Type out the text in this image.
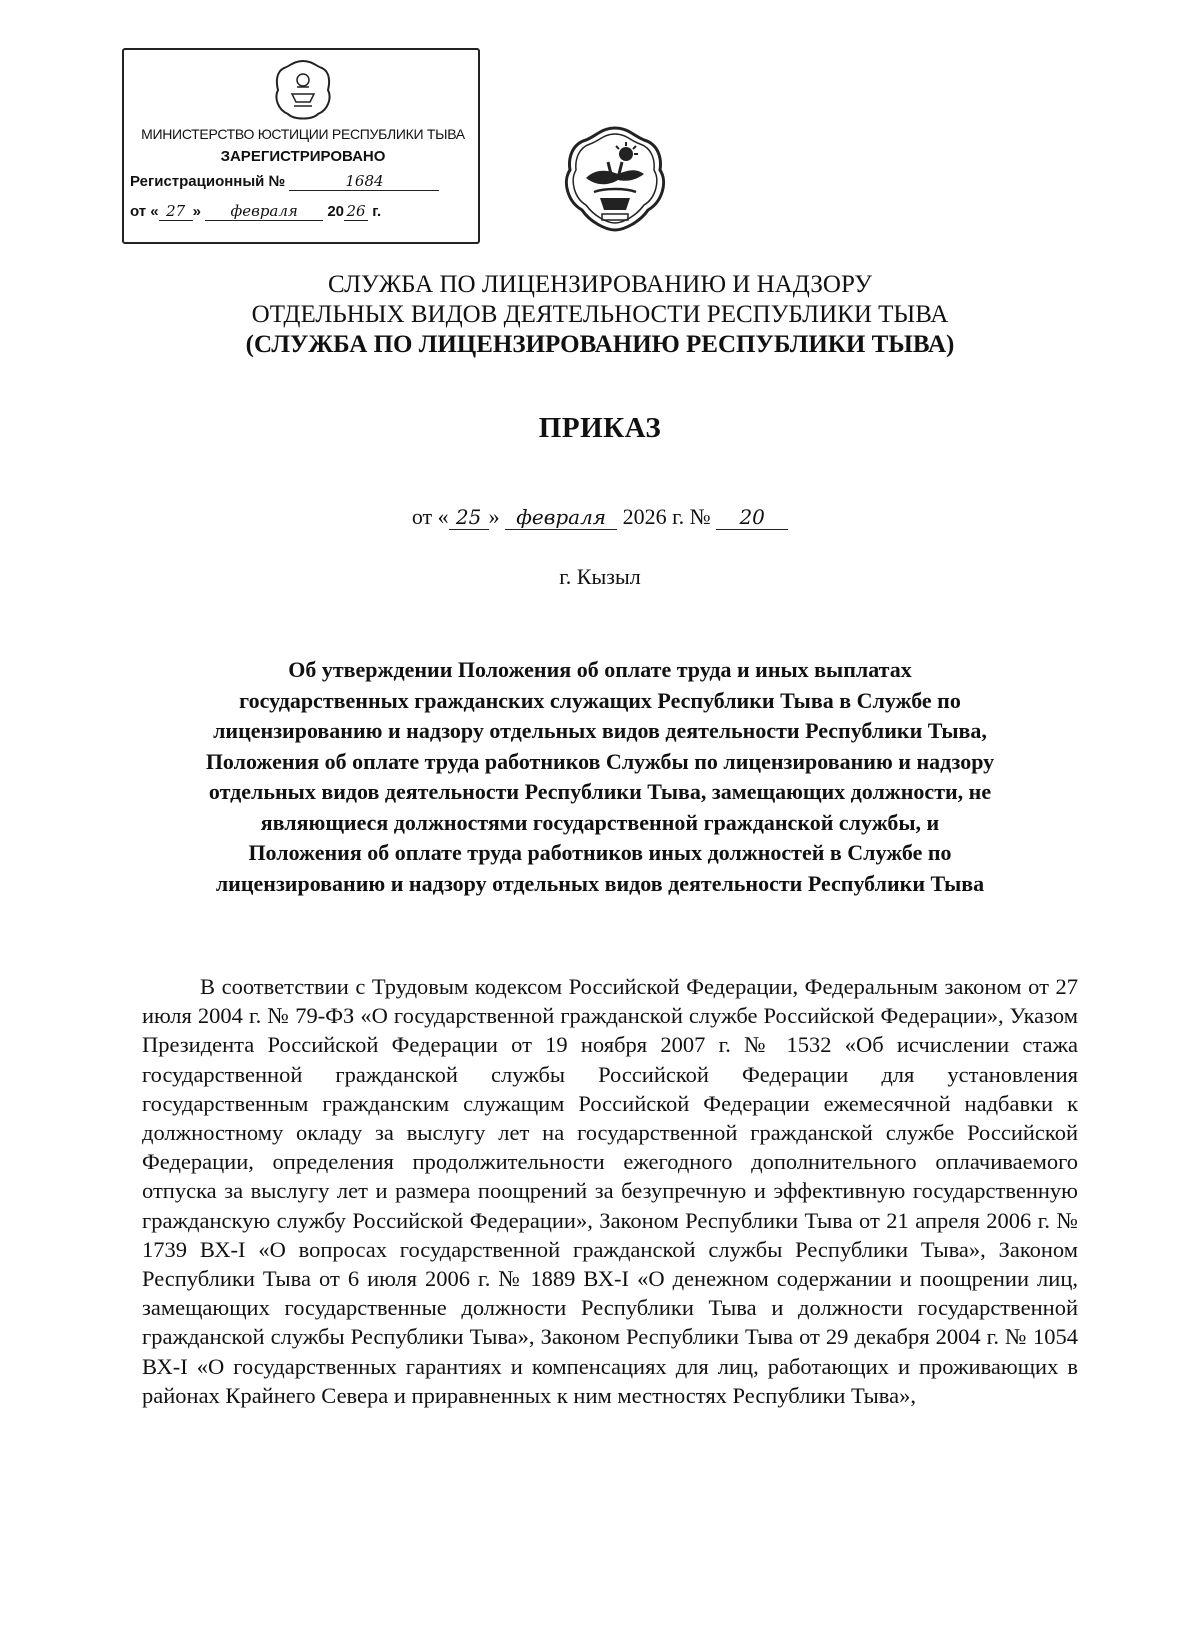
МИНИСТЕРСТВО ЮСТИЦИИ РЕСПУБЛИКИ ТЫВА
ЗАРЕГИСТРИРОВАНО
Регистрационный №	1684
от « 27 » февраля 20 26 г.
СЛУЖБА ПО ЛИЦЕНЗИРОВАНИЮ И НАДЗОРУ
ОТДЕЛЬНЫХ ВИДОВ ДЕЯТЕЛЬНОСТИ РЕСПУБЛИКИ ТЫВА
(СЛУЖБА ПО ЛИЦЕНЗИРОВАНИЮ РЕСПУБЛИКИ ТЫВА)
ПРИКАЗ
от « 25 » февраля 2026 г. № 20
г. Кызыл
Об утверждении Положения об оплате труда и иных выплатах
государственных гражданских служащих Республики Тыва в Службе по
лицензированию и надзору отдельных видов деятельности Республики Тыва,
Положения об оплате труда работников Службы по лицензированию и надзору
отдельных видов деятельности Республики Тыва, замещающих должности, не
являющиеся должностями государственной гражданской службы, и
Положения об оплате труда работников иных должностей в Службе по
лицензированию и надзору отдельных видов деятельности Республики Тыва
В соответствии с Трудовым кодексом Российской Федерации, Федеральным законом от 27 июля 2004 г. № 79-ФЗ «О государственной гражданской службе Российской Федерации», Указом Президента Российской Федерации от 19 ноября 2007 г. № 1532 «Об исчислении стажа государственной гражданской службы Российской Федерации для установления государственным гражданским служащим Российской Федерации ежемесячной надбавки к должностному окладу за выслугу лет на государственной гражданской службе Российской Федерации, определения продолжительности ежегодного дополнительного оплачиваемого отпуска за выслугу лет и размера поощрений за безупречную и эффективную государственную гражданскую службу Российской Федерации», Законом Республики Тыва от 21 апреля 2006 г. № 1739 ВХ-I «О вопросах государственной гражданской службы Республики Тыва», Законом Республики Тыва от 6 июля 2006 г. № 1889 ВХ-I «О денежном содержании и поощрении лиц, замещающих государственные должности Республики Тыва и должности государственной гражданской службы Республики Тыва», Законом Республики Тыва от 29 декабря 2004 г. № 1054 ВХ-I «О государственных гарантиях и компенсациях для лиц, работающих и проживающих в районах Крайнего Севера и приравненных к ним местностях Республики Тыва»,
